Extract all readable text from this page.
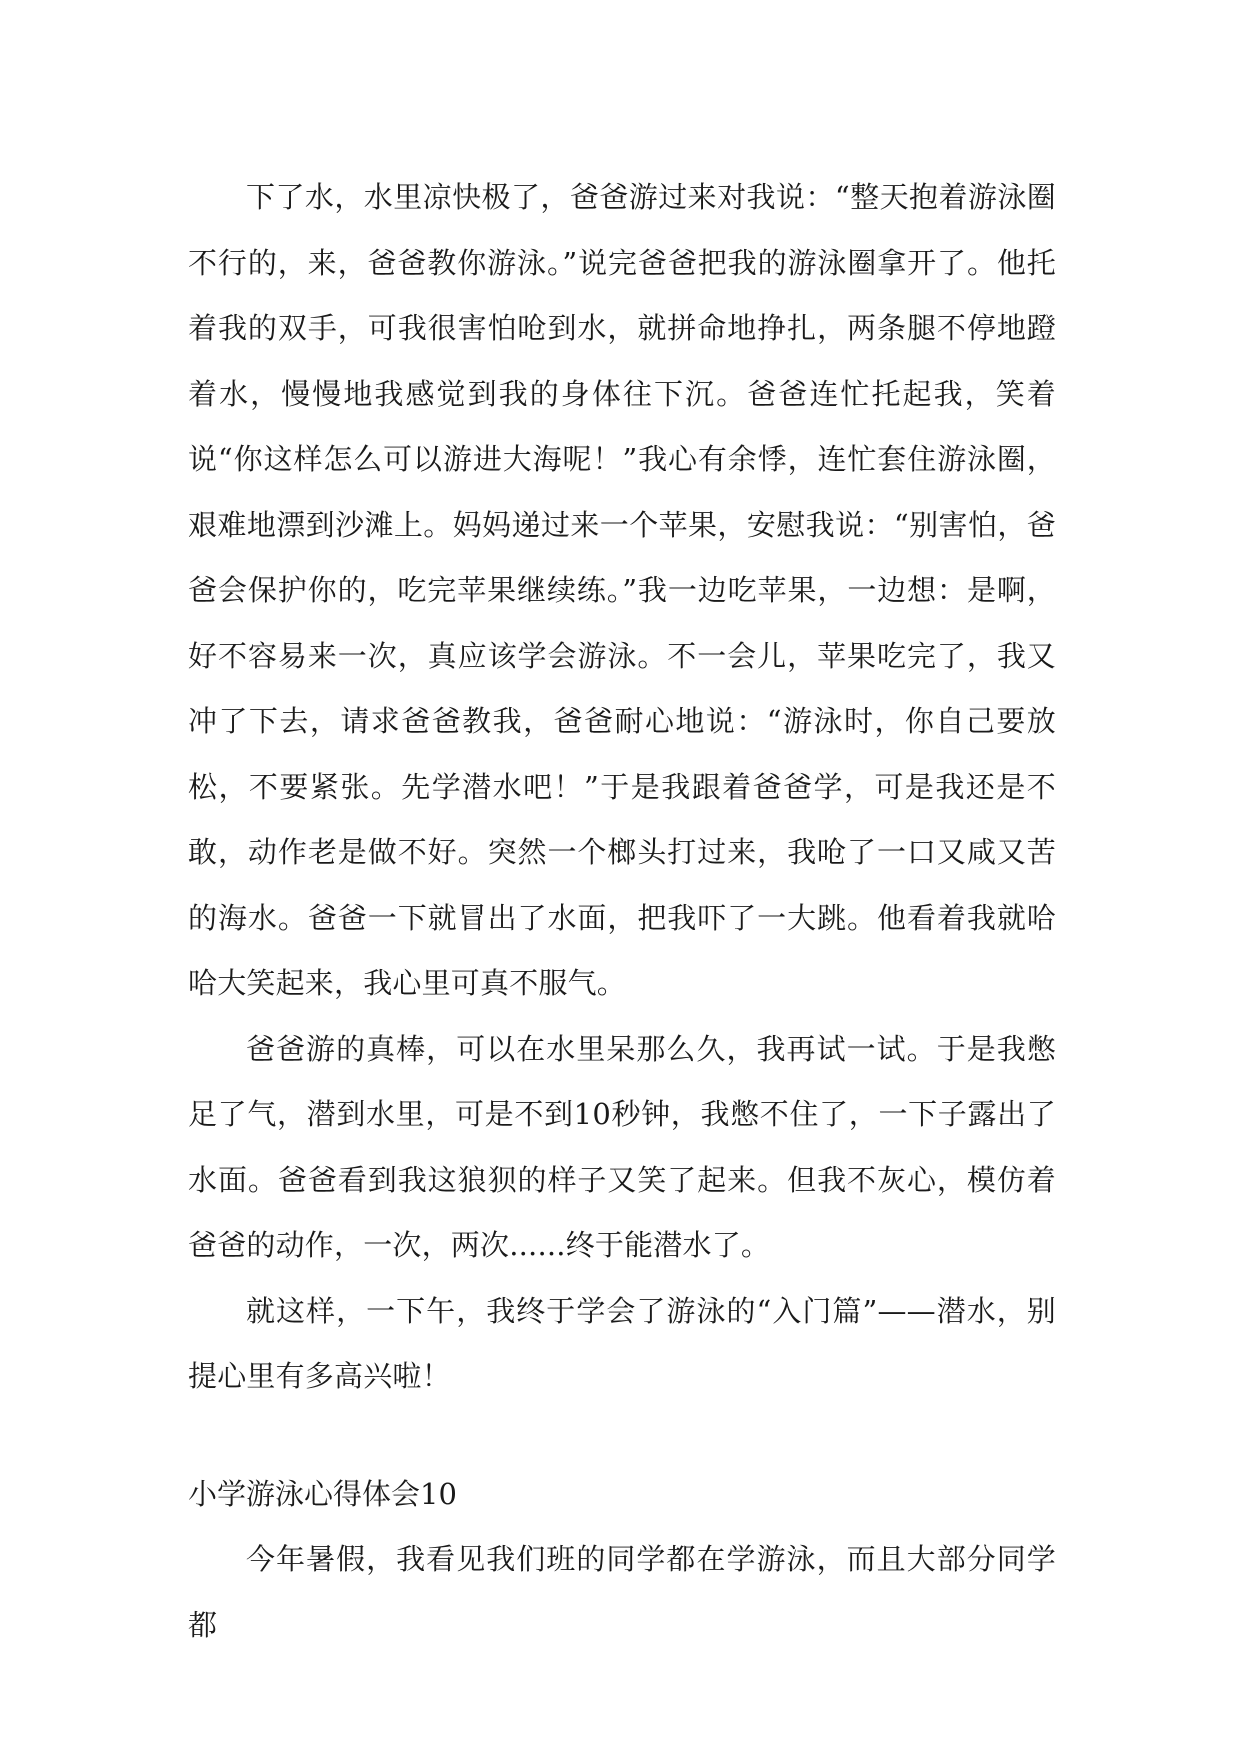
下了水，水里凉快极了，爸爸游过来对我说：“整天抱着游泳圈不行的，来，爸爸教你游泳。”说完爸爸把我的游泳圈拿开了。他托着我的双手，可我很害怕呛到水，就拼命地挣扎，两条腿不停地蹬着水，慢慢地我感觉到我的身体往下沉。爸爸连忙托起我，笑着说“你这样怎么可以游进大海呢！”我心有余悸，连忙套住游泳圈，艰难地漂到沙滩上。妈妈递过来一个苹果，安慰我说：“别害怕，爸爸会保护你的，吃完苹果继续练。”我一边吃苹果，一边想：是啊，好不容易来一次，真应该学会游泳。不一会儿，苹果吃完了，我又冲了下去，请求爸爸教我，爸爸耐心地说：“游泳时，你自己要放松，不要紧张。先学潜水吧！”于是我跟着爸爸学，可是我还是不敢，动作老是做不好。突然一个榔头打过来，我呛了一口又咸又苦的海水。爸爸一下就冒出了水面，把我吓了一大跳。他看着我就哈哈大笑起来，我心里可真不服气。

爸爸游的真棒，可以在水里呆那么久，我再试一试。于是我憋足了气，潜到水里，可是不到10秒钟，我憋不住了，一下子露出了水面。爸爸看到我这狼狈的样子又笑了起来。但我不灰心，模仿着爸爸的动作，一次，两次......终于能潜水了。

就这样，一下午，我终于学会了游泳的“入门篇”——潜水，别提心里有多高兴啦！

小学游泳心得体会10

今年暑假，我看见我们班的同学都在学游泳，而且大部分同学都
